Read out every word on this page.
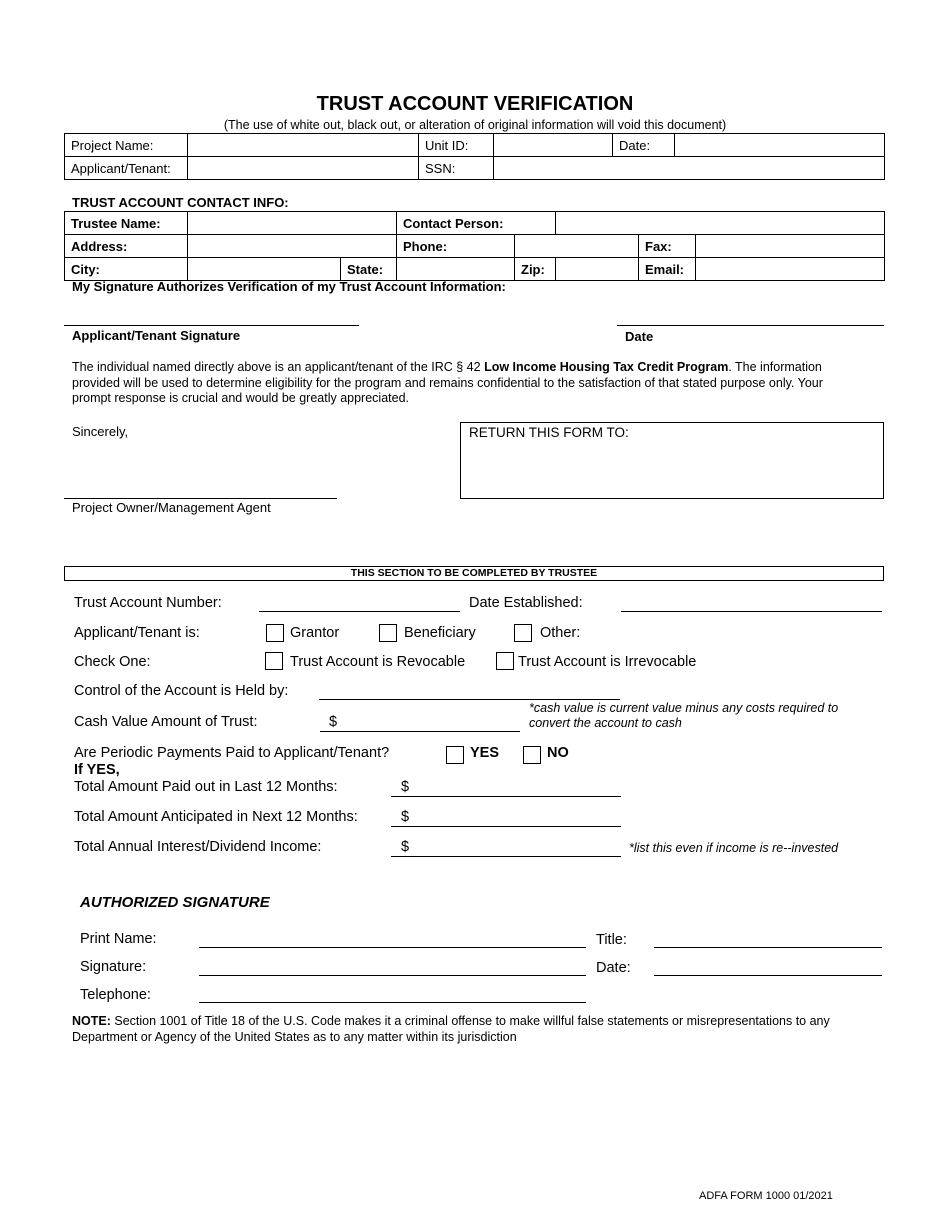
TRUST ACCOUNT VERIFICATION
(The use of white out, black out, or alteration of original information will void this document)
Project Name:		Unit ID:		Date:	
Applicant/Tenant:		SSN:			
TRUST ACCOUNT CONTACT INFO:
Trustee Name:			Contact Person:				
Address:			Phone:			Fax:	
City:		State:		Zip:		Email:	
My Signature Authorizes Verification of my Trust Account Information:
Applicant/Tenant Signature	Date
The individual named directly above is an applicant/tenant of the IRC § 42 Low Income Housing Tax Credit Program. The information provided will be used to determine eligibility for the program and remains confidential to the satisfaction of that stated purpose only. Your prompt response is crucial and would be greatly appreciated.
Sincerely,	RETURN THIS FORM TO:
Project Owner/Management Agent
THIS SECTION TO BE COMPLETED BY TRUSTEE
Trust Account Number:	Date Established:
Applicant/Tenant is:	Grantor	Beneficiary	Other:
Check One:	Trust Account is Revocable	Trust Account is Irrevocable
Control of the Account is Held by:
Cash Value Amount of Trust:	$
*cash value is current value minus any costs required to convert the account to cash
Are Periodic Payments Paid to Applicant/Tenant?	YES	NO
If YES,
Total Amount Paid out in Last 12 Months:	$
Total Amount Anticipated in Next 12 Months:	$
Total Annual Interest/Dividend Income:	$	*list this even if income is re--invested
AUTHORIZED SIGNATURE
Print Name:	Title:
Signature:	Date:
Telephone:
NOTE: Section 1001 of Title 18 of the U.S. Code makes it a criminal offense to make willful false statements or misrepresentations to any Department or Agency of the United States as to any matter within its jurisdiction
ADFA FORM 1000 01/2021
